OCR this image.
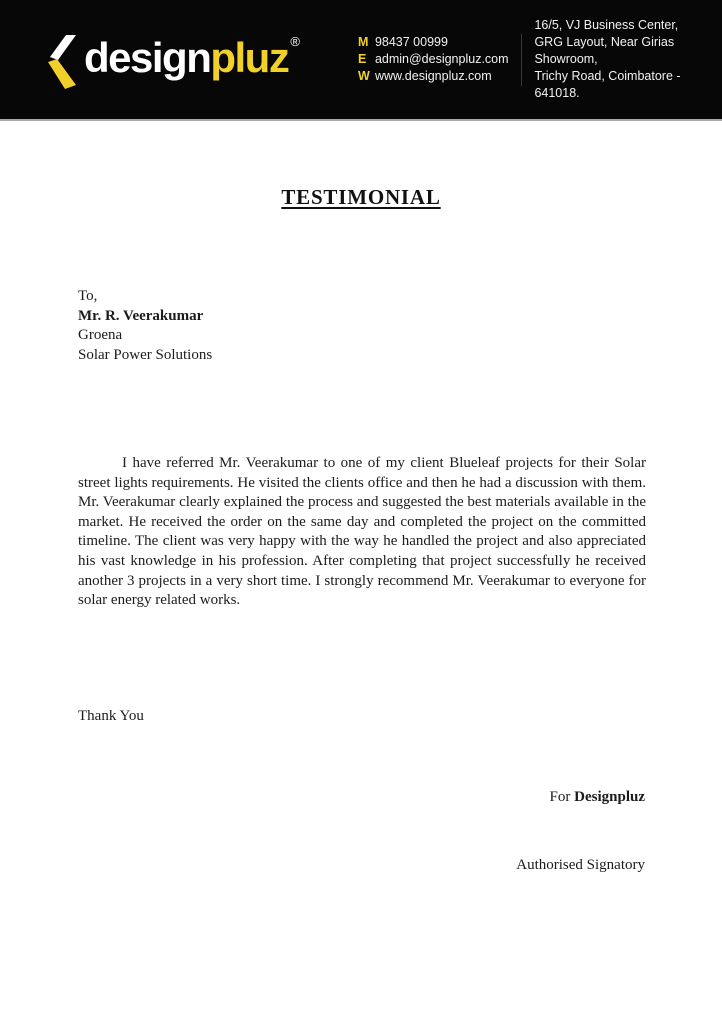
designpluz ®	M 98437 00999
E admin@designpluz.com
W www.designpluz.com
16/5, VJ Business Center,
GRG Layout, Near Girias Showroom,
Trichy Road, Coimbatore - 641018.
TESTIMONIAL
To,
Mr. R. Veerakumar
Groena
Solar Power Solutions

I have referred Mr. Veerakumar to one of my client Blueleaf projects for their Solar street lights requirements. He visited the clients office and then he had a discussion with them. Mr. Veerakumar clearly explained the process and suggested the best materials available in the market. He received the order on the same day and completed the project on the committed timeline. The client was very happy with the way he handled the project and also appreciated his vast knowledge in his profession. After completing that project successfully he received another 3 projects in a very short time. I strongly recommend Mr. Veerakumar to everyone for solar energy related works.

Thank You
For Designpluz
Authorised Signatory
